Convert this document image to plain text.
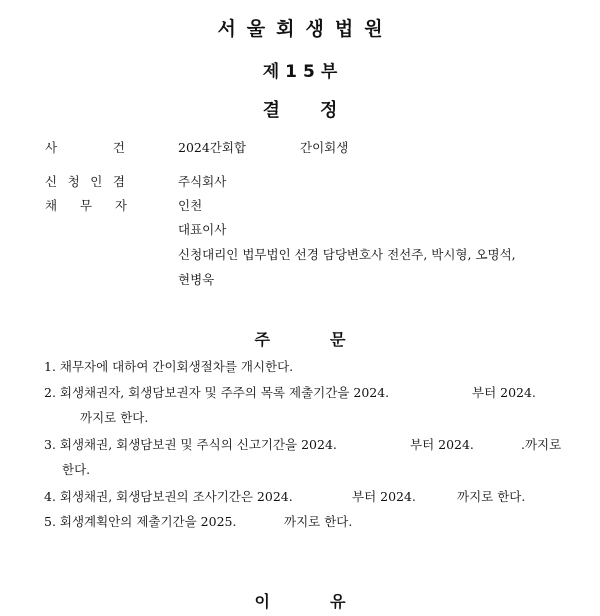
서울회생법원
제15부
결정
사	건	2024간회합	간이회생
신 청 인 겸	주식회사
채 무 자	인천
대표이사
신청대리인 법무법인 선경 담당변호사 전선주, 박시형, 오명석,
현병욱
주문
1. 채무자에 대하여 간이회생절차를 개시한다.
2. 회생채권자, 회생담보권자 및 주주의 목록 제출기간을 2024.	부터 2024.
까지로 한다.
3. 회생채권, 회생담보권 및 주식의 신고기간을 2024.	부터 2024.	.까지로
한다.
4. 회생채권, 회생담보권의 조사기간은 2024.	부터 2024.	까지로 한다.
5. 회생계획안의 제출기간을 2025.	까지로 한다.
이유
